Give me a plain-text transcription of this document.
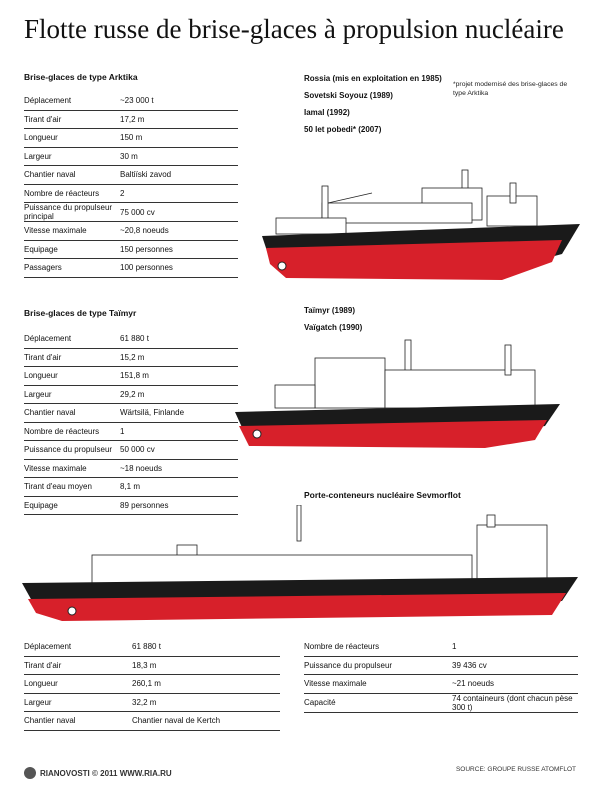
Flotte russe de brise-glaces à propulsion nucléaire
Brise-glaces de type Arktika
Déplacement	~23 000 t
Tirant d'air	17,2 m
Longueur	150 m
Largeur	30 m
Chantier naval	Baltiïski zavod
Nombre de réacteurs	2
Puissance du propulseur principal	75 000 cv
Vitesse maximale	~20,8 noeuds
Equipage	150 personnes
Passagers	100 personnes
Rossia (mis en exploitation en 1985)
Sovetski Soyouz (1989)
Iamal (1992)
50 let pobedi* (2007)
*projet modernisé des brise-glaces de type Arktika
Brise-glaces de type Taïmyr
Déplacement	61 880 t
Tirant d'air	15,2 m
Longueur	151,8 m
Largeur	29,2 m
Chantier naval	Wärtsilä, Finlande
Nombre de réacteurs	1
Puissance du propulseur	50 000 cv
Vitesse maximale	~18 noeuds
Tirant d'eau moyen	8,1 m
Equipage	89 personnes
Taïmyr (1989)
Vaïgatch (1990)
Porte-conteneurs nucléaire Sevmorflot
Déplacement	61 880 t
Tirant d'air	18,3 m
Longueur	260,1 m
Largeur	32,2 m
Chantier naval	Chantier naval de Kertch
Nombre de réacteurs	1
Puissance du propulseur	39 436 cv
Vitesse maximale	~21 noeuds
Capacité	74 containeurs (dont chacun pèse 300 t)
RIANOVOSTI © 2011 WWW.RIA.RU	SOURCE: GROUPE RUSSE ATOMFLOT
